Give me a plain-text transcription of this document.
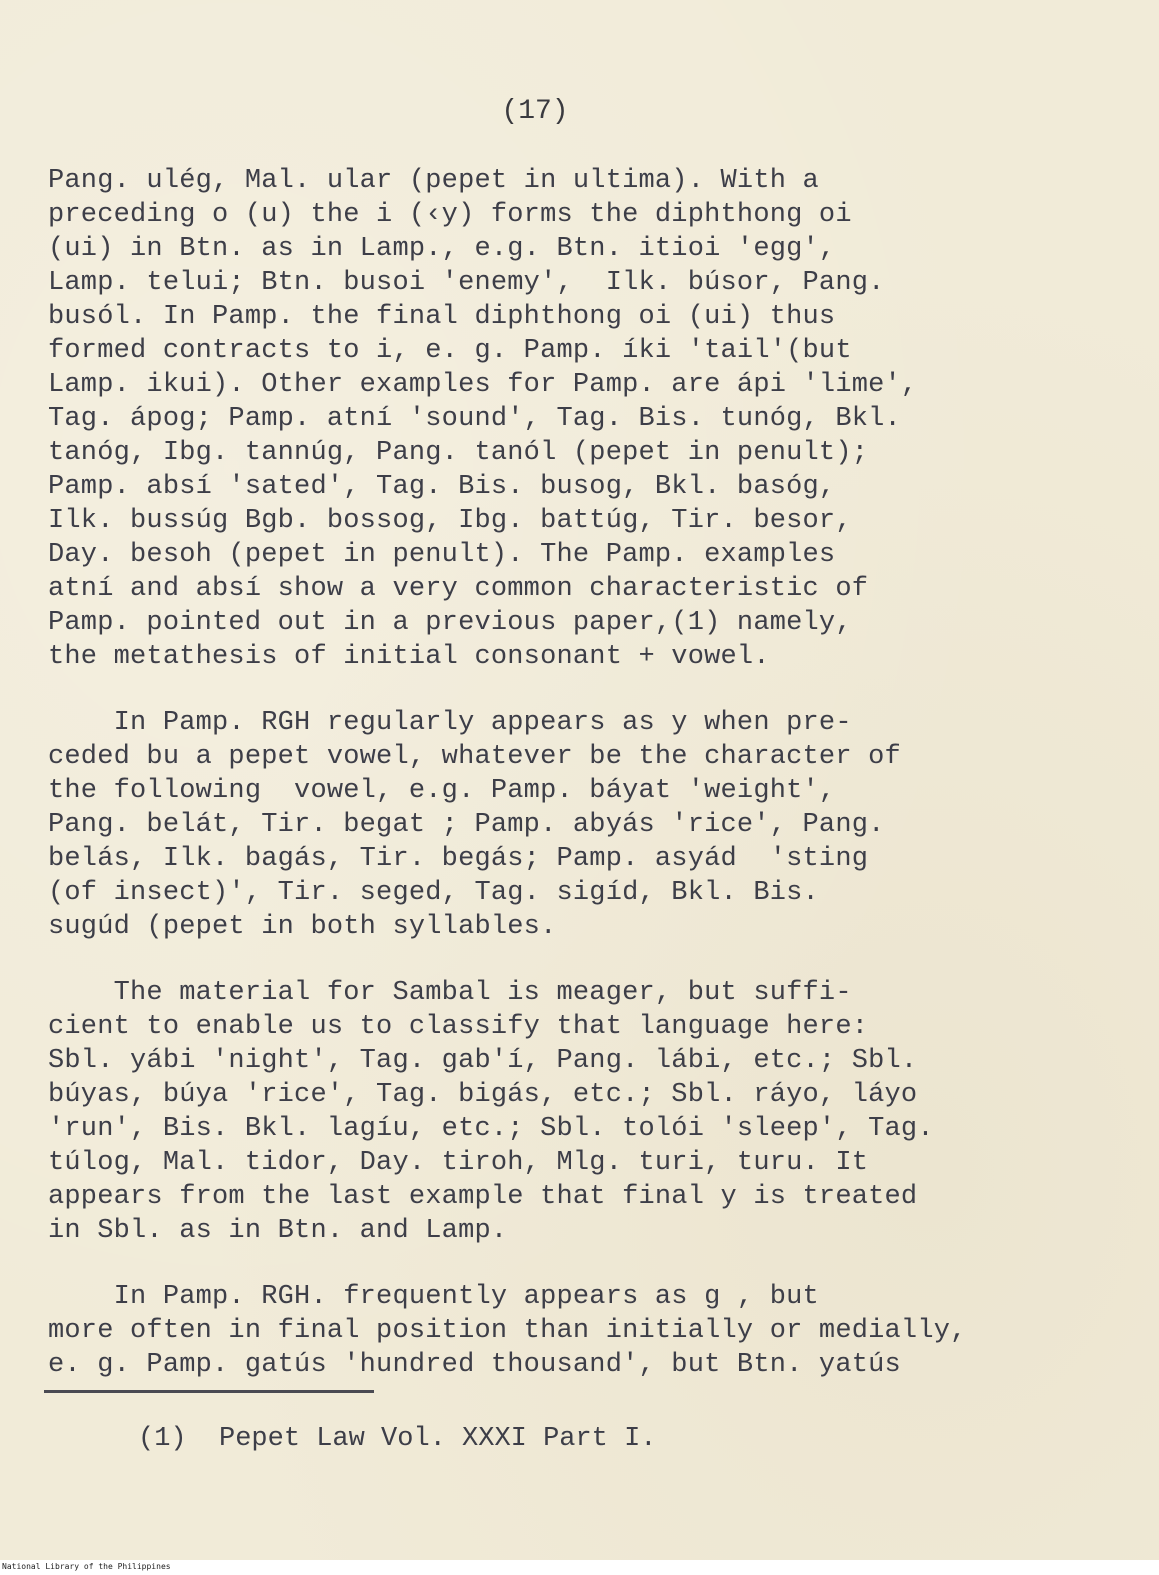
(17)

Pang. ulég, Mal. ular (pepet in ultima). With a

preceding o (u) the i (‹y) forms the diphthong oi

(ui) in Btn. as in Lamp., e.g. Btn. itioi 'egg',

Lamp. telui; Btn. busoi 'enemy',  Ilk. búsor, Pang.

busól. In Pamp. the final diphthong oi (ui) thus

formed contracts to i, e. g. Pamp. íki 'tail'(but

Lamp. ikui). Other examples for Pamp. are ápi 'lime',

Tag. ápog; Pamp. atní 'sound', Tag. Bis. tunóg, Bkl.

tanóg, Ibg. tannúg, Pang. tanól (pepet in penult);

Pamp. absí 'sated', Tag. Bis. busog, Bkl. basóg,

Ilk. bussúg Bgb. bossog, Ibg. battúg, Tir. besor,

Day. besoh (pepet in penult). The Pamp. examples

atní and absí show a very common characteristic of

Pamp. pointed out in a previous paper,(1) namely,

the metathesis of initial consonant + vowel.

In Pamp. RGH regularly appears as y when pre-

ceded bu a pepet vowel, whatever be the character of

the following  vowel, e.g. Pamp. báyat 'weight',

Pang. belát, Tir. begat ; Pamp. abyás 'rice', Pang.

belás, Ilk. bagás, Tir. begás; Pamp. asyád  'sting

(of insect)', Tir. seged, Tag. sigíd, Bkl. Bis.

sugúd (pepet in both syllables.

The material for Sambal is meager, but suffi-

cient to enable us to classify that language here:

Sbl. yábi 'night', Tag. gab'í, Pang. lábi, etc.; Sbl.

búyas, búya 'rice', Tag. bigás, etc.; Sbl. ráyo, láyo

'run', Bis. Bkl. lagíu, etc.; Sbl. tolói 'sleep', Tag.

túlog, Mal. tidor, Day. tiroh, Mlg. turi, turu. It

appears from the last example that final y is treated

in Sbl. as in Btn. and Lamp.

In Pamp. RGH. frequently appears as g , but

more often in final position than initially or medially,

e. g. Pamp. gatús 'hundred thousand', but Btn. yatús

(1)  Pepet Law Vol. XXXI Part I.
National Library of the Philippines
